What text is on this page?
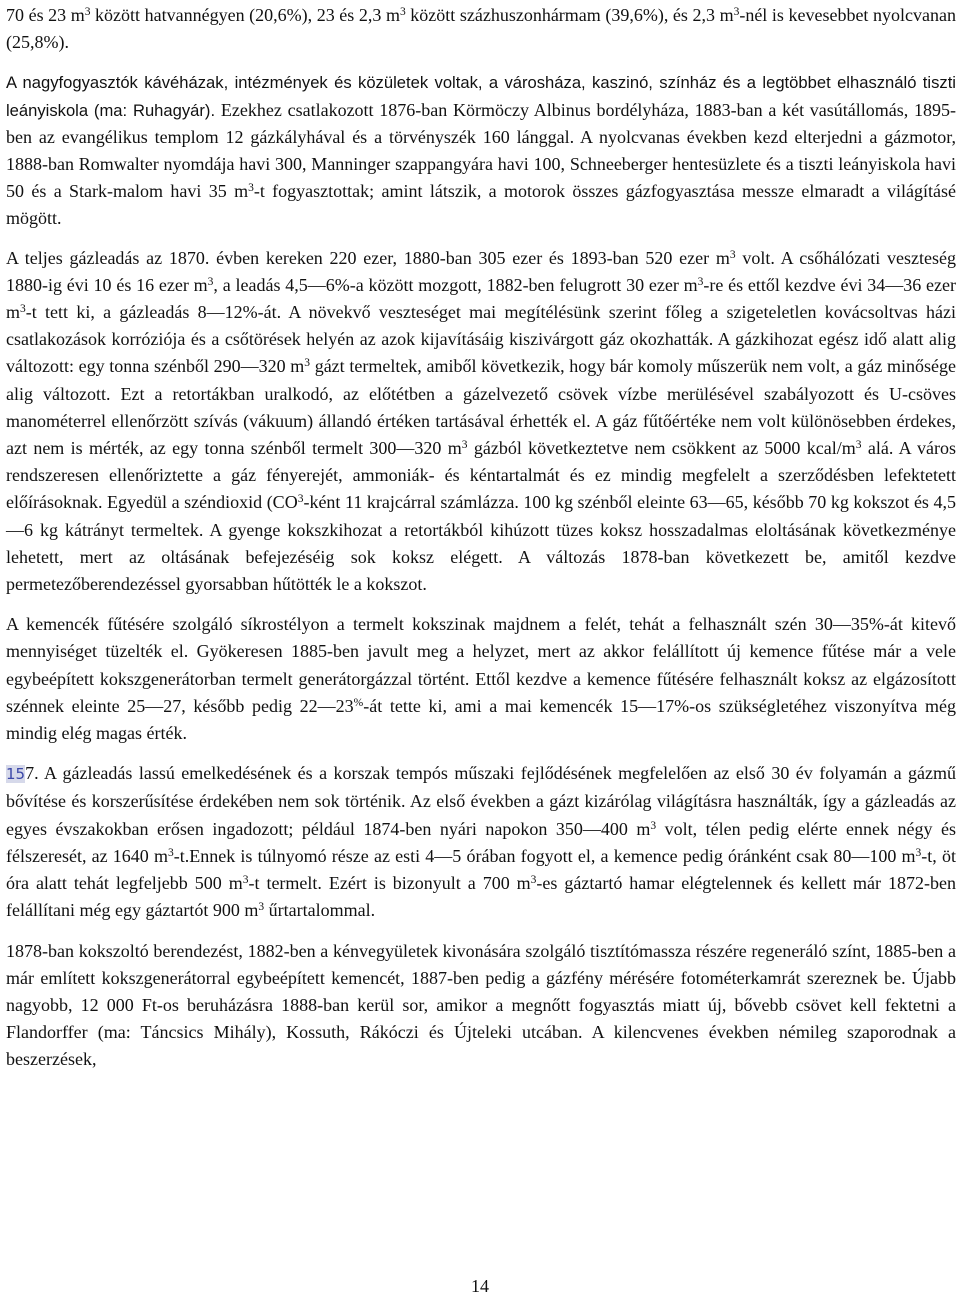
70 és 23 $m^3$ között hatvannégyen (20,6%), 23 és 2,3 $m^3$ között százhuszonhármam (39,6%), és 2,3 $m^3$-nél is kevesebbet nyolcvanan (25,8%).

A nagyfogyasztók kávéházak, intézmények és közületek voltak, a városháza, kaszinó, színház és a legtöbbet elhasználó tiszti leányiskola (ma: Ruhagyár). Ezekhez csatlakozott 1876-ban Körmöczy Albinus bordélyháza, 1883-ban a két vasútállomás, 1895-ben az evangélikus templom 12 gázkályhával és a törvényszék 160 lánggal. A nyolcvanas években kezd elterjedni a gázmotor, 1888-ban Romwalter nyomdája havi 300, Manninger szappangyára havi 100, Schneeberger hentesüzlete és a tiszti leányiskola havi 50 és a Stark-malom havi 35 $m^3-t$ fogyasztottak; amint látszik, a motorok összes gázfogyasztása messze elmaradt a világításé mögött.

A teljes gázleadás az 1870. évben kereken 220 ezer, 1880-ban 305 ezer és 1893-ban 520 ezer $m^3$ volt. A csőhálózati veszteség 1880-ig évi 10 és 16 ezer $m^3$, a leadás 4,5—6%-a között mozgott, 1882-ben felugrott 30 ezer $m^3-re$ és ettől kezdve évi 34—36 ezer $m^3-t$ tett ki, a gázleadás 8—12%-át. A növekvő veszteséget mai megítélésünk szerint főleg a szigeteletlen kovácsoltvas házi csatlakozások korróziója és a csőtörések helyén az azok kijavításáig kiszivárgott gáz okozhatták. A gázkihozat egész idő alatt alig változott: egy tonna szénből 290—320 $m^3$ gázt termeltek, amiből következik, hogy bár komoly műszerük nem volt, a gáz minősége alig változott. Ezt a retortákban uralkodó, az előtétben a gázelvezető csövek vízbe merülésével szabályozott és U-csöves manométerrel ellenőrzött szívás (vákuum) állandó értéken tartásával érhették el. A gáz fűtőértéke nem volt különösebben érdekes, azt nem is mérték, az egy tonna szénből termelt 300—320 $m^3$ gázból következtetve nem csökkent az 5000 kcal/$m^3$ alá. A város rendszeresen ellenőriztette a gáz fényerejét, ammoniák- és kéntartalmát és ez mindig megfelelt a szerződésben lefektetett előírásoknak. Egyedül a széndioxid ($CO^3$-ként 11 krajcárral számlázza. 100 kg szénből eleinte 63—65, később 70 kg kokszot és 4,5—6 kg kátrányt termeltek. A gyenge kokszkihozat a retortákból kihúzott tüzes koksz hosszadalmas eloltásának következménye lehetett, mert az oltásának befejezéséig sok koksz elégett. A változás 1878-ban következett be, amitől kezdve permetezőberendezéssel gyorsabban hűtötték le a kokszot.

A kemencék fűtésére szolgáló síkrostélyon a termelt kokszinak majdnem a felét, tehát a felhasznált szén 30—35%-át kitevő mennyiséget tüzelték el. Gyökeresen 1885-ben javult meg a helyzet, mert az akkor felállított új kemence fűtése már a vele egybeépített kokszgenerátorban termelt generátorgázzal történt. Ettől kezdve a kemence fűtésére felhasznált koksz az elgázosított szénnek eleinte 25—27, később pedig 22—23%-át tette ki, ami a mai kemencék 15—17%-os szükségletéhez viszonyítva még mindig elég magas érték.

157. A gázleadás lassú emelkedésének és a korszak tempós műszaki fejlődésének megfelelően az első 30 év folyamán a gázmű bővítése és korszerűsítése érdekében nem sok történik. Az első években a gázt kizárólag világításra használták, így a gázleadás az egyes évszakokban erősen ingadozott; például 1874-ben nyári napokon 350—400 $m^3$ volt, télen pedig elérte ennek négy és félszeresét, az 1640 $m^3-t.Ennek$ is túlnyomó része az esti 4—5 órában fogyott el, a kemence pedig óránként csak 80—100 $m^3-t$, öt óra alatt tehát legfeljebb 500 $m^3-t$ termelt. Ezért is bizonyult a 700 $m^3-es$ gáztartó hamar elégtelennek és kellett már 1872-ben felállítani még egy gáztartót 900 $m^3$ űrtartalommal.

1878-ban kokszoltó berendezést, 1882-ben a kénvegyületek kivonására szolgáló tisztítómassza részére regeneráló színt, 1885-ben a már említett kokszgenerátorral egybeépített kemencét, 1887-ben pedig a gázfény mérésére fotométerkamrát szereznek be. Újabb nagyobb, 12 000 Ft-os beruházásra 1888-ban kerül sor, amikor a megnőtt fogyasztás miatt új, bővebb csövet kell fektetni a Flandorffer (ma: Táncsics Mihály), Kossuth, Rákóczi és Újteleki utcában. A kilencvenes években némileg szaporodnak a beszerzések,

14
